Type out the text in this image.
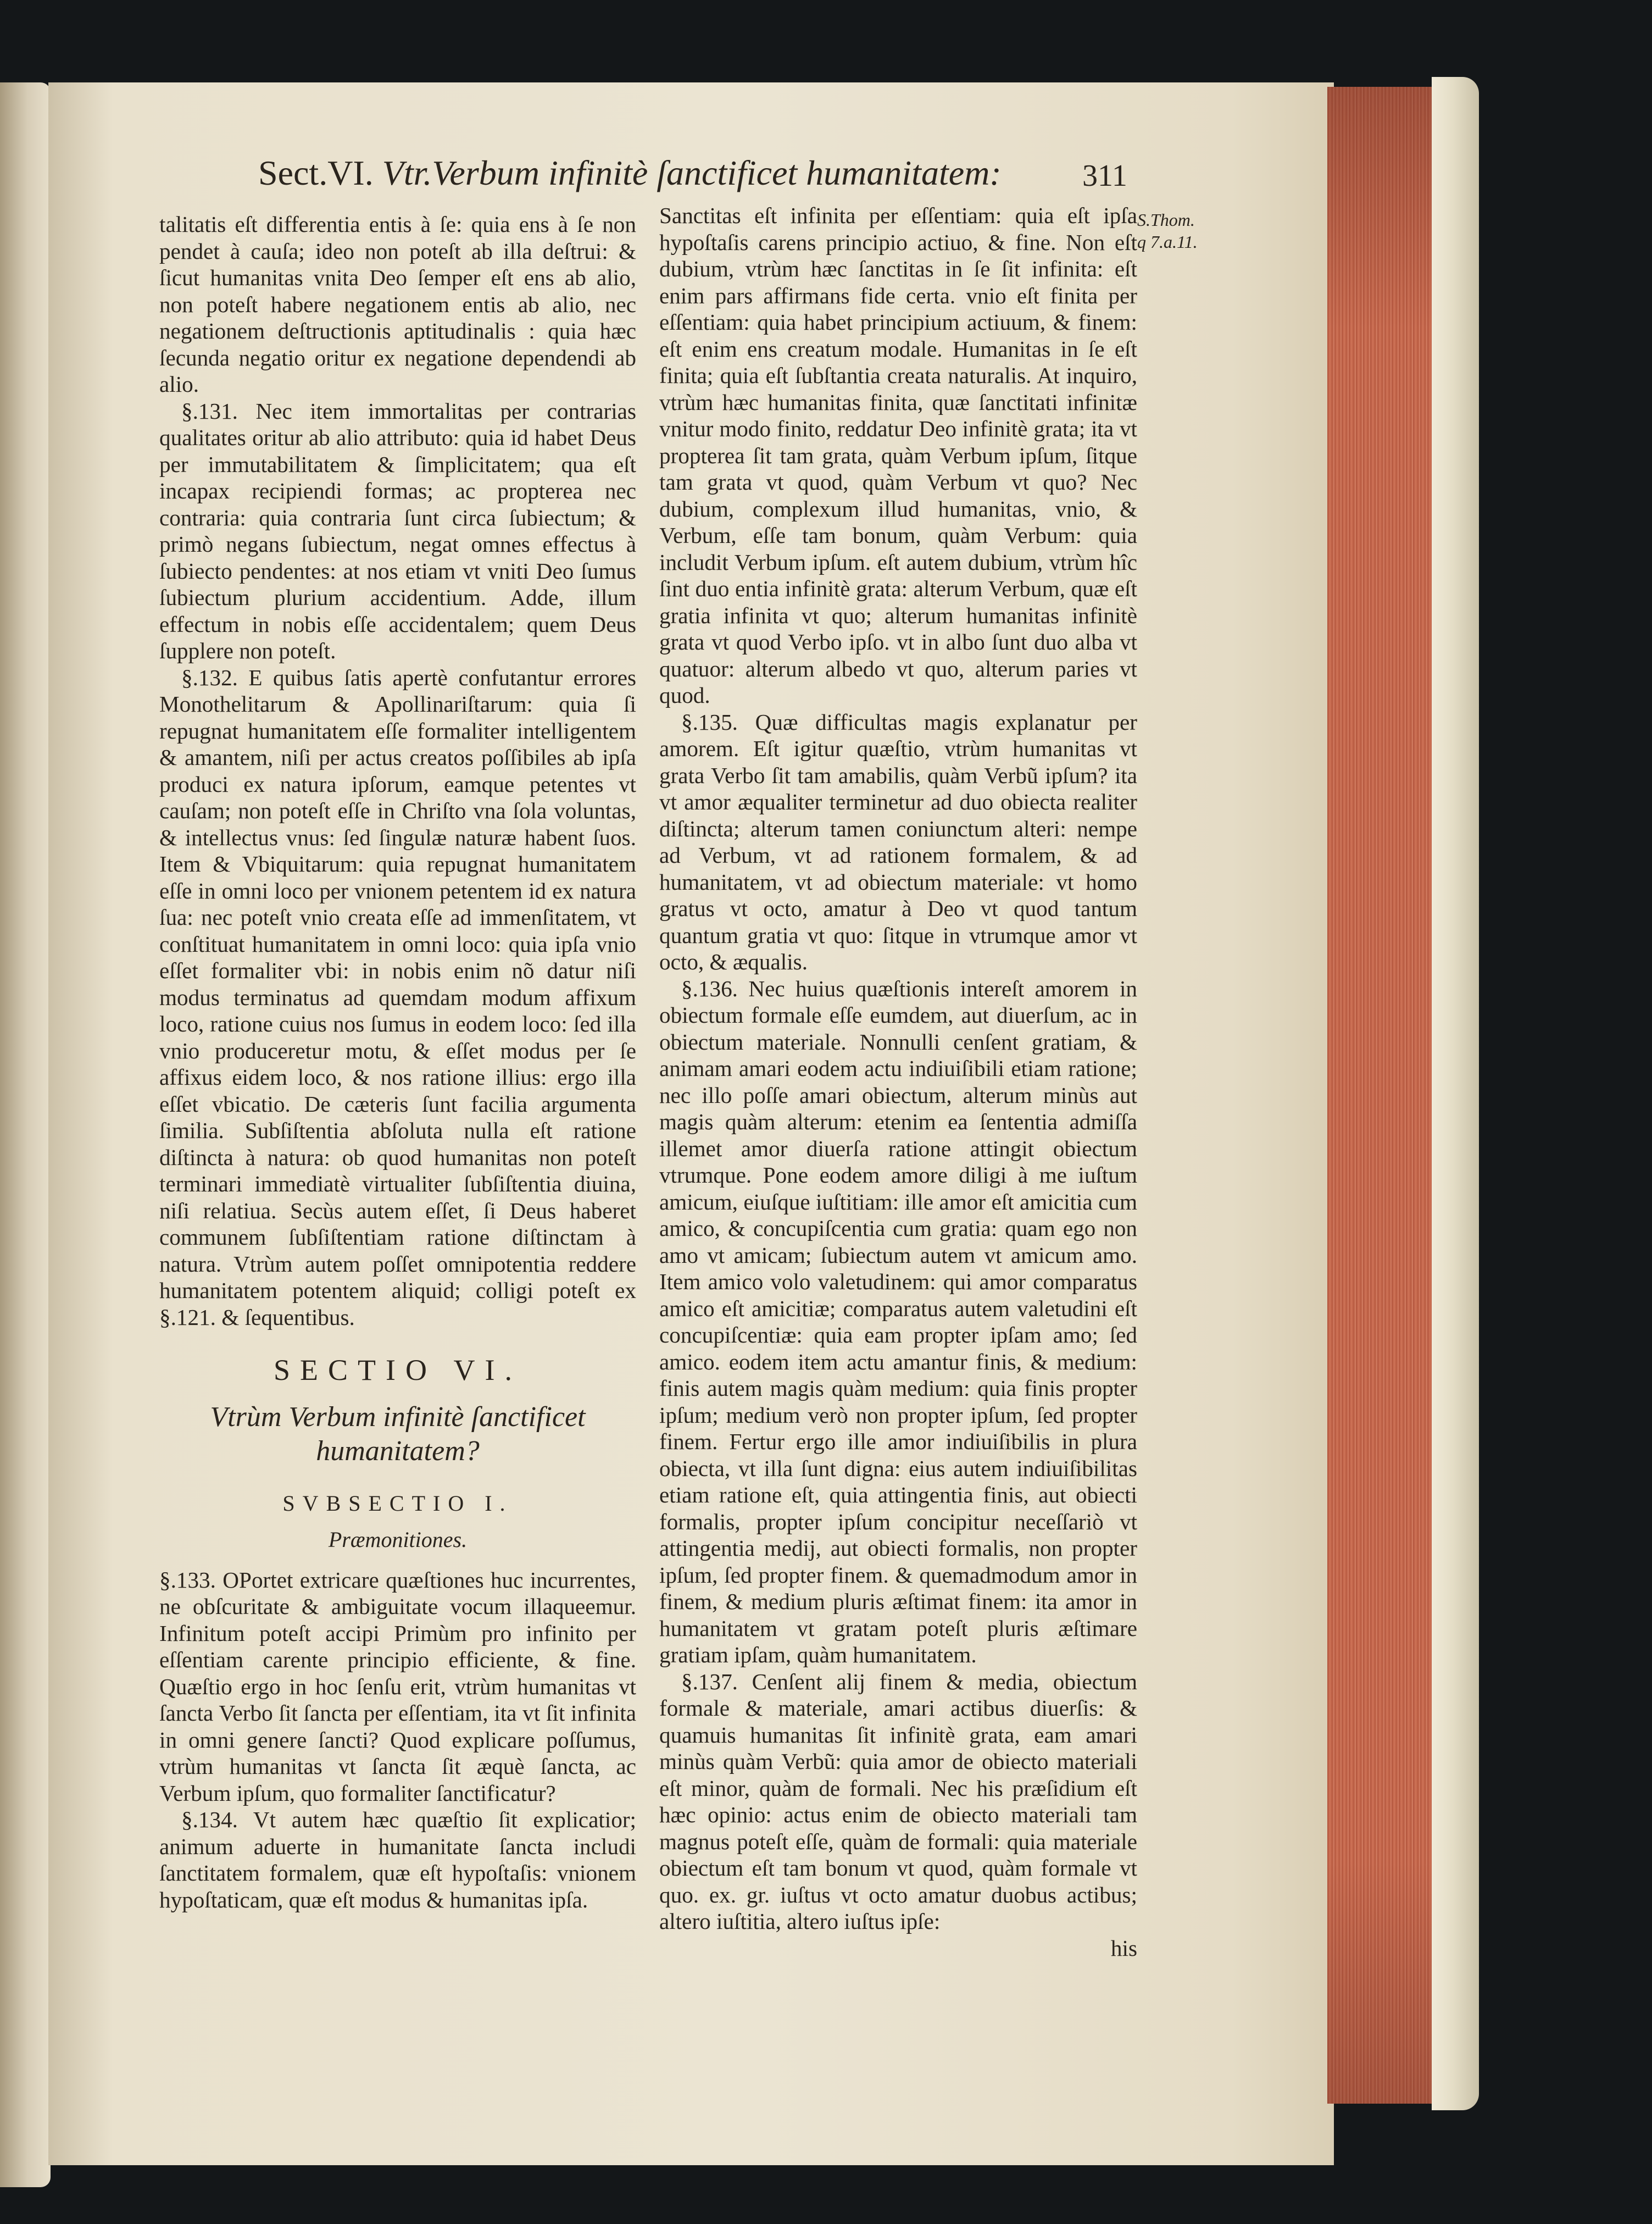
Sect.VI. Vtr.Verbum infinitè ſanctificet humanitatem:	311
S.Thom. q 7.a.11.

talitatis eſt differentia entis à ſe: quia ens à ſe non pendet à cauſa; ideo non poteſt ab illa deſtrui: & ſicut humanitas vnita Deo ſemper eſt ens ab alio, non poteſt habere negationem entis ab alio, nec negationem deſtructionis aptitudinalis : quia hæc ſecunda negatio oritur ex negatione dependendi ab alio.

§.131. Nec item immortalitas per contrarias qualitates oritur ab alio attributo: quia id habet Deus per immutabilitatem & ſimplicitatem; qua eſt incapax recipiendi formas; ac propterea nec contraria: quia contraria ſunt circa ſubiectum; & primò negans ſubiectum, negat omnes effectus à ſubiecto pendentes: at nos etiam vt vniti Deo ſumus ſubiectum plurium accidentium. Adde, illum effectum in nobis eſſe accidentalem; quem Deus ſupplere non poteſt.

§.132. E quibus ſatis apertè confutantur errores Monothelitarum & Apollinariſtarum: quia ſi repugnat humanitatem eſſe formaliter intelligentem & amantem, niſi per actus creatos poſſibiles ab ipſa produci ex natura ipſorum, eamque petentes vt cauſam; non poteſt eſſe in Chriſto vna ſola voluntas, & intellectus vnus: ſed ſingulæ naturæ habent ſuos. Item & Vbiquitarum: quia repugnat humanitatem eſſe in omni loco per vnionem petentem id ex natura ſua: nec poteſt vnio creata eſſe ad immenſitatem, vt conſtituat humanitatem in omni loco: quia ipſa vnio eſſet formaliter vbi: in nobis enim nõ datur niſi modus terminatus ad quemdam modum affixum loco, ratione cuius nos ſumus in eodem loco: ſed illa vnio produceretur motu, & eſſet modus per ſe affixus eidem loco, & nos ratione illius: ergo illa eſſet vbicatio. De cæteris ſunt facilia argumenta ſimilia. Subſiſtentia abſoluta nulla eſt ratione diſtincta à natura: ob quod humanitas non poteſt terminari immediatè virtualiter ſubſiſtentia diuina, niſi relatiua. Secùs autem eſſet, ſi Deus haberet communem ſubſiſtentiam ratione diſtinctam à natura. Vtrùm autem poſſet omnipotentia reddere humanitatem potentem aliquid; colligi poteſt ex §.121. & ſequentibus.

SECTIO VI.
Vtrùm Verbum infinitè ſanctificet humanitatem?
SVBSECTIO I.
Præmonitiones.

§.133. OPortet extricare quæſtiones huc incurrentes, ne obſcuritate & ambiguitate vocum illaqueemur. Infinitum poteſt accipi Primùm pro infinito per eſſentiam carente principio efficiente, & fine. Quæſtio ergo in hoc ſenſu erit, vtrùm humanitas vt ſancta Verbo ſit ſancta per eſſentiam, ita vt ſit infinita in omni genere ſancti? Quod explicare poſſumus, vtrùm humanitas vt ſancta ſit æquè ſancta, ac Verbum ipſum, quo formaliter ſanctificatur?

§.134. Vt autem hæc quæſtio ſit explicatior; animum aduerte in humanitate ſancta includi ſanctitatem formalem, quæ eſt hypoſtaſis: vnionem hypoſtaticam, quæ eſt modus & humanitas ipſa.

Sanctitas eſt infinita per eſſentiam: quia eſt ipſa hypoſtaſis carens principio actiuo, & fine. Non eſt dubium, vtrùm hæc ſanctitas in ſe ſit infinita: eſt enim pars affirmans fide certa. vnio eſt finita per eſſentiam: quia habet principium actiuum, & finem: eſt enim ens creatum modale. Humanitas in ſe eſt finita; quia eſt ſubſtantia creata naturalis. At inquiro, vtrùm hæc humanitas finita, quæ ſanctitati infinitæ vnitur modo finito, reddatur Deo infinitè grata; ita vt propterea ſit tam grata, quàm Verbum ipſum, ſitque tam grata vt quod, quàm Verbum vt quo? Nec dubium, complexum illud humanitas, vnio, & Verbum, eſſe tam bonum, quàm Verbum: quia includit Verbum ipſum. eſt autem dubium, vtrùm hîc ſint duo entia infinitè grata: alterum Verbum, quæ eſt gratia infinita vt quo; alterum humanitas infinitè grata vt quod Verbo ipſo. vt in albo ſunt duo alba vt quatuor: alterum albedo vt quo, alterum paries vt quod.

§.135. Quæ difficultas magis explanatur per amorem. Eſt igitur quæſtio, vtrùm humanitas vt grata Verbo ſit tam amabilis, quàm Verbũ ipſum? ita vt amor æqualiter terminetur ad duo obiecta realiter diſtincta; alterum tamen coniunctum alteri: nempe ad Verbum, vt ad rationem formalem, & ad humanitatem, vt ad obiectum materiale: vt homo gratus vt octo, amatur à Deo vt quod tantum quantum gratia vt quo: ſitque in vtrumque amor vt octo, & æqualis.

§.136. Nec huius quæſtionis intereſt amorem in obiectum formale eſſe eumdem, aut diuerſum, ac in obiectum materiale. Nonnulli cenſent gratiam, & animam amari eodem actu indiuiſibili etiam ratione; nec illo poſſe amari obiectum, alterum minùs aut magis quàm alterum: etenim ea ſententia admiſſa illemet amor diuerſa ratione attingit obiectum vtrumque. Pone eodem amore diligi à me iuſtum amicum, eiuſque iuſtitiam: ille amor eſt amicitia cum amico, & concupiſcentia cum gratia: quam ego non amo vt amicam; ſubiectum autem vt amicum amo. Item amico volo valetudinem: qui amor comparatus amico eſt amicitiæ; comparatus autem valetudini eſt concupiſcentiæ: quia eam propter ipſam amo; ſed amico. eodem item actu amantur finis, & medium: finis autem magis quàm medium: quia finis propter ipſum; medium verò non propter ipſum, ſed propter finem. Fertur ergo ille amor indiuiſibilis in plura obiecta, vt illa ſunt digna: eius autem indiuiſibilitas etiam ratione eſt, quia attingentia finis, aut obiecti formalis, propter ipſum concipitur neceſſariò vt attingentia medij, aut obiecti formalis, non propter ipſum, ſed propter finem. & quemadmodum amor in finem, & medium pluris æſtimat finem: ita amor in humanitatem vt gratam poteſt pluris æſtimare gratiam ipſam, quàm humanitatem.

§.137. Cenſent alij finem & media, obiectum formale & materiale, amari actibus diuerſis: & quamuis humanitas ſit infinitè grata, eam amari minùs quàm Verbũ: quia amor de obiecto materiali eſt minor, quàm de formali. Nec his præſidium eſt hæc opinio: actus enim de obiecto materiali tam magnus poteſt eſſe, quàm de formali: quia materiale obiectum eſt tam bonum vt quod, quàm formale vt quo. ex. gr. iuſtus vt octo amatur duobus actibus; altero iuſtitia, altero iuſtus ipſe:

his
